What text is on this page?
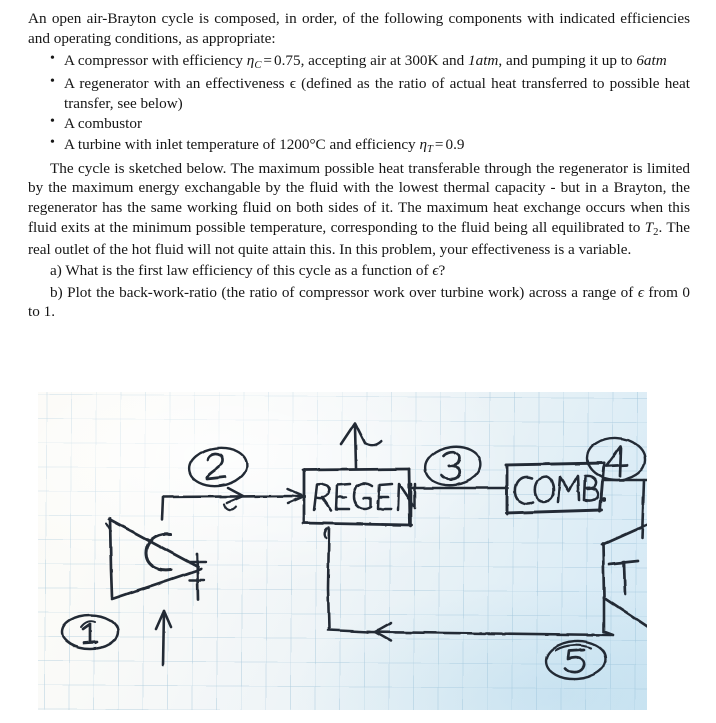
An open air-Brayton cycle is composed, in order, of the following components with indicated efficiencies and operating conditions, as appropriate:

• A compressor with efficiency $\eta_C = 0.75$, accepting air at 300K and 1atm, and pumping it up to 6atm
• A regenerator with an effectiveness ϵ (defined as the ratio of actual heat transferred to possible heat transfer, see below)
• A combustor
• A turbine with inlet temperature of 1200°C and efficiency $\eta_T = 0.9$

The cycle is sketched below. The maximum possible heat transferable through the regenerator is limited by the maximum energy exchangable by the fluid with the lowest thermal capacity - but in a Brayton, the regenerator has the same working fluid on both sides of it. The maximum heat exchange occurs when this fluid exits at the minimum possible temperature, corresponding to the fluid being all equilibrated to $T_2$. The real outlet of the hot fluid will not quite attain this. In this problem, your effectiveness is a variable.

a) What is the first law efficiency of this cycle as a function of ϵ?

b) Plot the back-work-ratio (the ratio of compressor work over turbine work) across a range of ϵ from 0 to 1.
